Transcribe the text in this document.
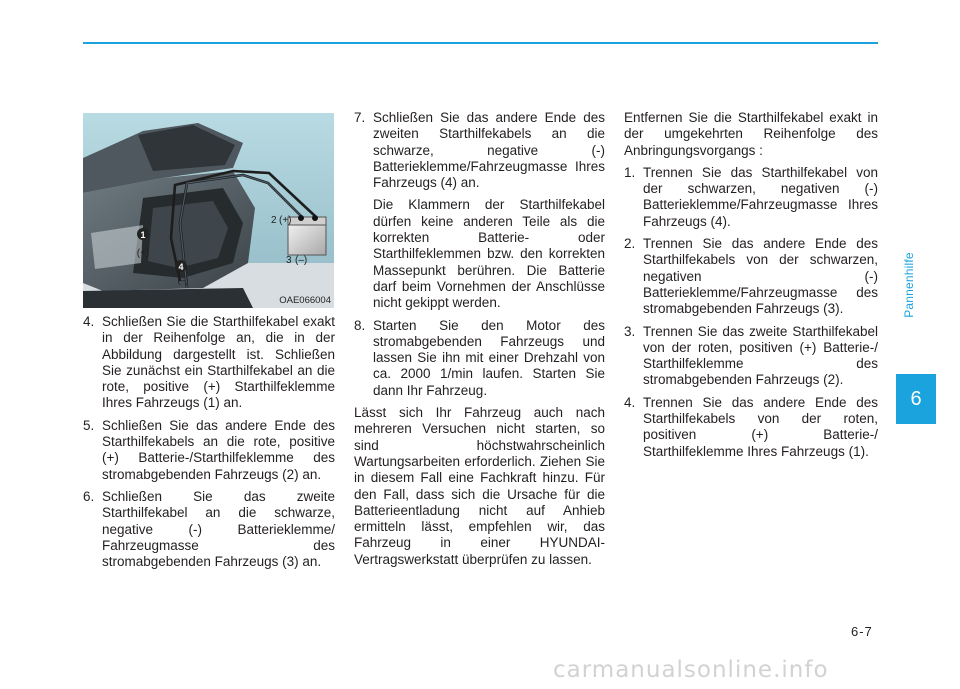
Pannenhilfe
6
1
(+)
2 (+)
3 (–)
4
(–)
OAE066004
4. Schließen Sie die Starthilfekabel exakt in der Reihenfolge an, die in der Abbildung dargestellt ist. Schließen Sie zunächst ein Starthilfekabel an die rote, positive (+) Starthilfeklemme Ihres Fahrzeugs (1) an.
5. Schließen Sie das andere Ende des Starthilfekabels an die rote, positive (+) Batterie-/Starthilfeklemme des stromabgebenden Fahrzeugs (2) an.
6. Schließen Sie das zweite Starthilfekabel an die schwarze, negative (-) Batterieklemme/ Fahrzeugmasse des stromabgebenden Fahrzeugs (3) an.
7. Schließen Sie das andere Ende des zweiten Starthilfekabels an die schwarze, negative (-) Batterieklemme/Fahrzeugmasse Ihres Fahrzeugs (4) an.
Die Klammern der Starthilfekabel dürfen keine anderen Teile als die korrekten Batterie- oder Starthilfeklemmen bzw. den korrekten Massepunkt berühren. Die Batterie darf beim Vornehmen der Anschlüsse nicht gekippt werden.
8. Starten Sie den Motor des stromabgebenden Fahrzeugs und lassen Sie ihn mit einer Drehzahl von ca. 2000 1/min laufen. Starten Sie dann Ihr Fahrzeug.
Lässt sich Ihr Fahrzeug auch nach mehreren Versuchen nicht starten, so sind höchstwahrscheinlich Wartungsarbeiten erforderlich. Ziehen Sie in diesem Fall eine Fachkraft hinzu. Für den Fall, dass sich die Ursache für die Batterieentladung nicht auf Anhieb ermitteln lässt, empfehlen wir, das Fahrzeug in einer HYUNDAI-Vertragswerkstatt überprüfen zu lassen.
Entfernen Sie die Starthilfekabel exakt in der umgekehrten Reihenfolge des Anbringungsvorgangs :
1. Trennen Sie das Starthilfekabel von der schwarzen, negativen (-) Batterieklemme/Fahrzeugmasse Ihres Fahrzeugs (4).
2. Trennen Sie das andere Ende des Starthilfekabels von der schwarzen, negativen (-) Batterieklemme/Fahrzeugmasse des stromabgebenden Fahrzeugs (3).
3. Trennen Sie das zweite Starthilfekabel von der roten, positiven (+) Batterie-/ Starthilfeklemme des stromabgebenden Fahrzeugs (2).
4. Trennen Sie das andere Ende des Starthilfekabels von der roten, positiven (+) Batterie-/ Starthilfeklemme Ihres Fahrzeugs (1).
6-7
carmanualsonline.info
